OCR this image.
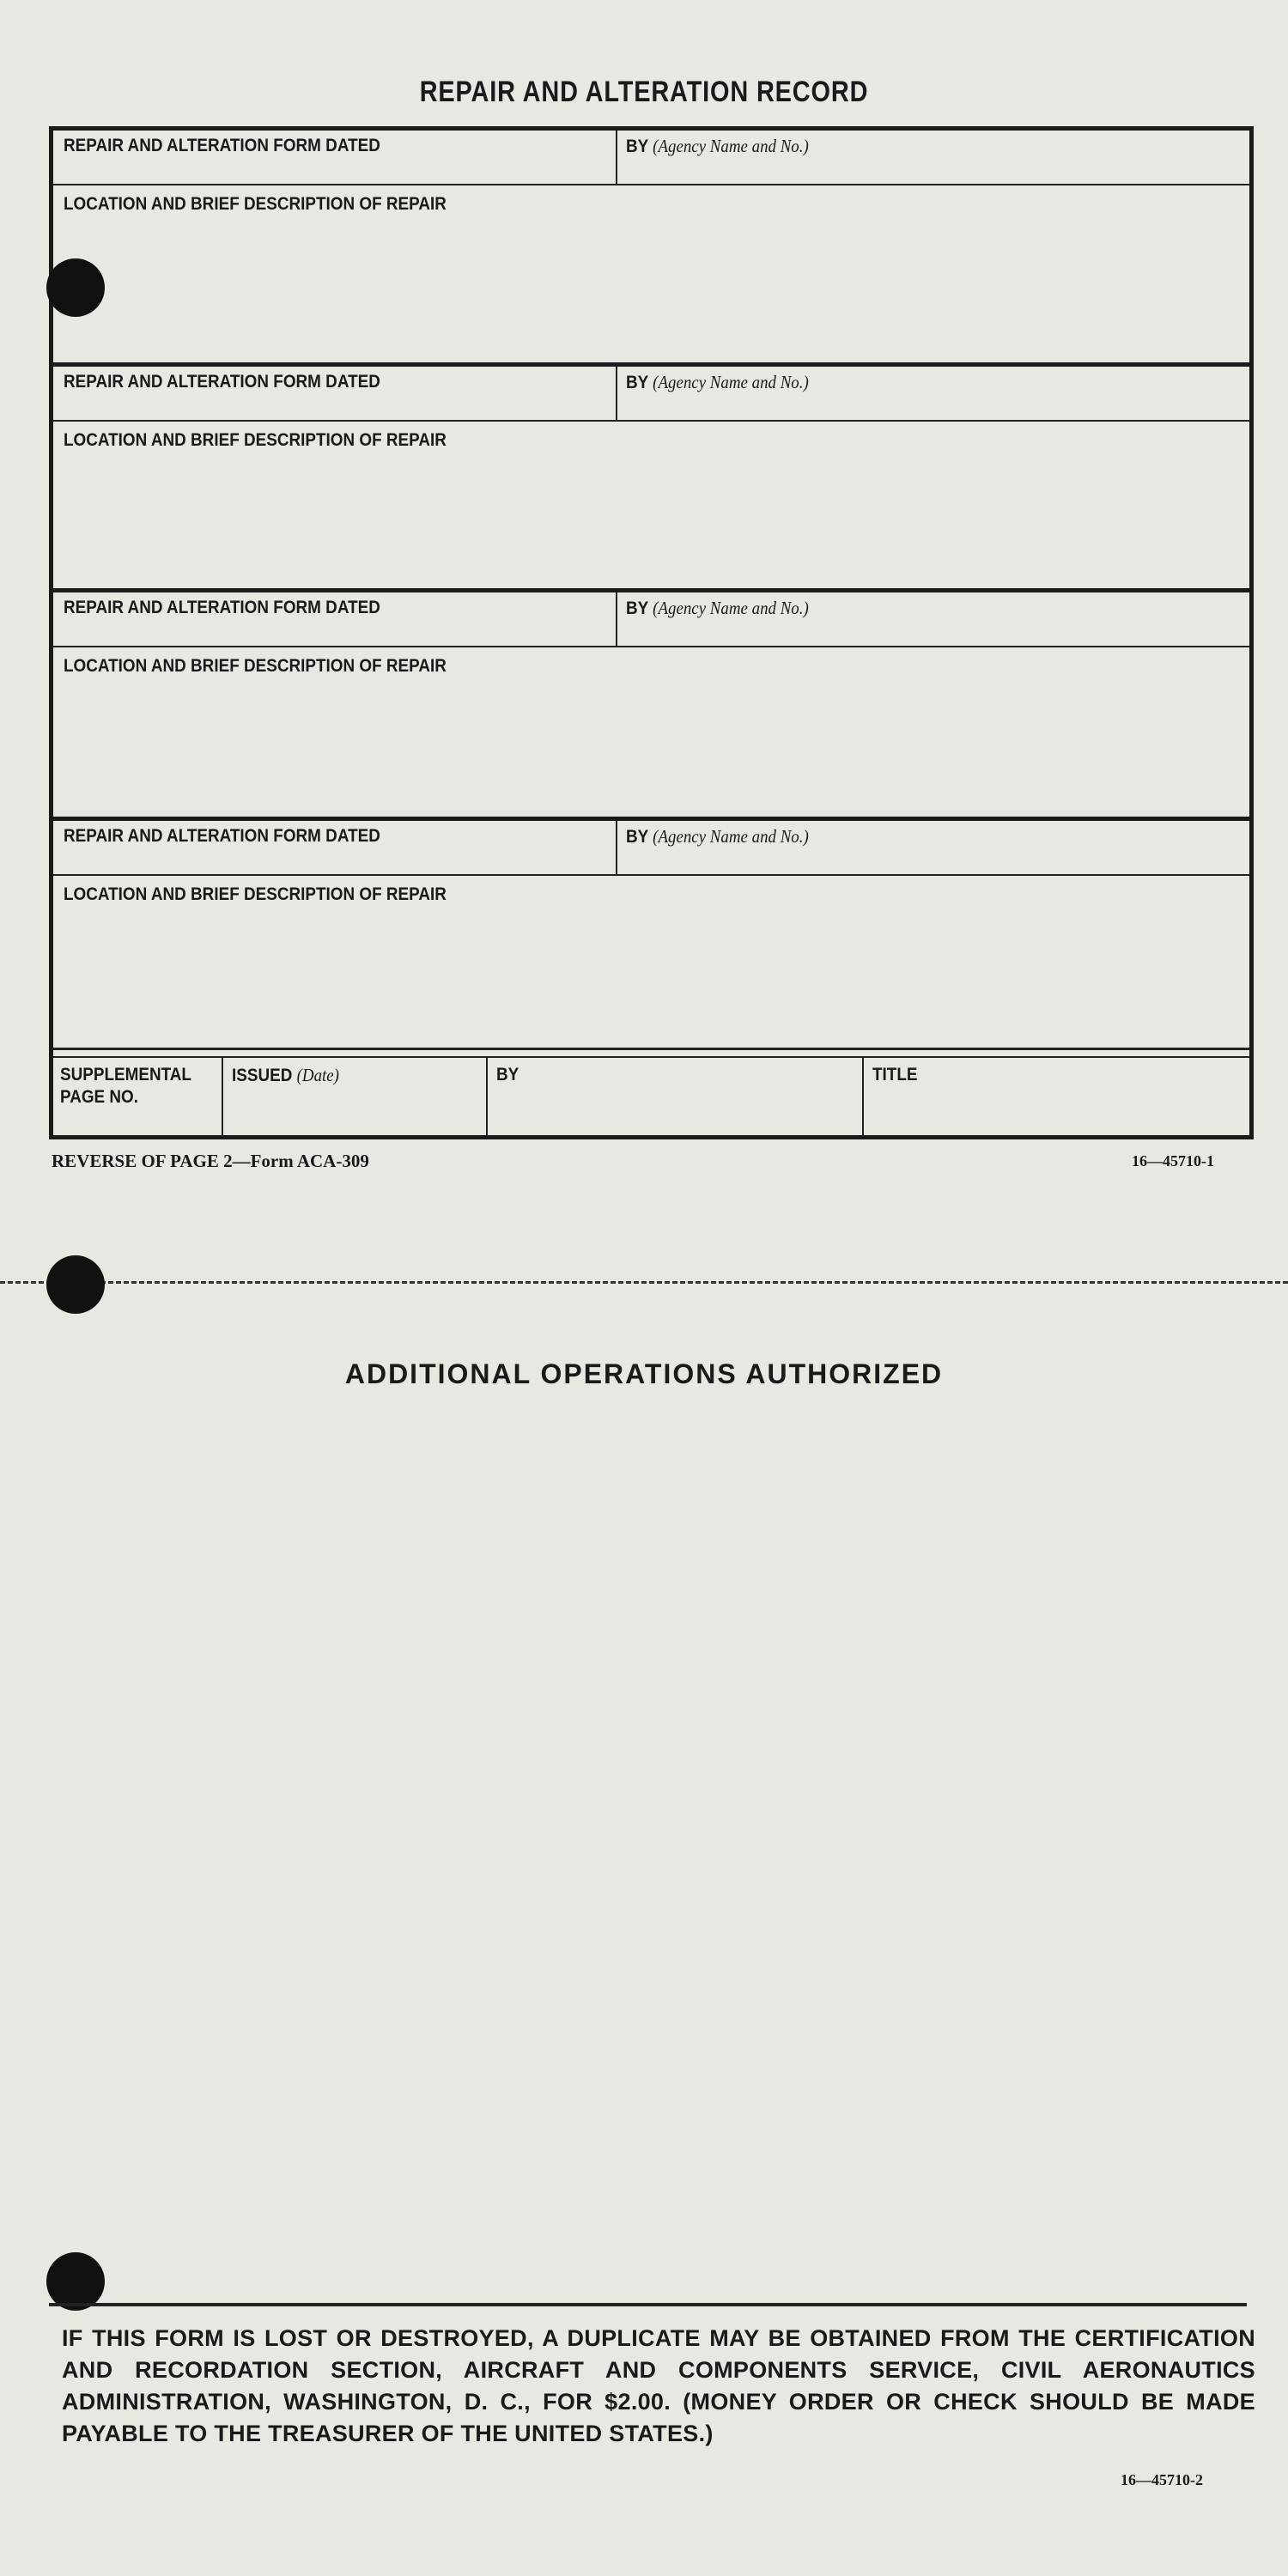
REPAIR AND ALTERATION RECORD
REPAIR AND ALTERATION FORM DATED	BY (Agency Name and No.)
LOCATION AND BRIEF DESCRIPTION OF REPAIR
REPAIR AND ALTERATION FORM DATED	BY (Agency Name and No.)
LOCATION AND BRIEF DESCRIPTION OF REPAIR
REPAIR AND ALTERATION FORM DATED	BY (Agency Name and No.)
LOCATION AND BRIEF DESCRIPTION OF REPAIR
REPAIR AND ALTERATION FORM DATED	BY (Agency Name and No.)
LOCATION AND BRIEF DESCRIPTION OF REPAIR
SUPPLEMENTAL
PAGE NO.
ISSUED (Date)	BY	TITLE
REVERSE OF PAGE 2—Form ACA-309	16—45710-1
ADDITIONAL OPERATIONS AUTHORIZED
IF THIS FORM IS LOST OR DESTROYED, A DUPLICATE MAY BE OBTAINED FROM THE CERTIFICATION AND RECORDATION SECTION, AIRCRAFT AND COMPONENTS SERVICE, CIVIL AERONAUTICS ADMINISTRATION, WASHINGTON, D. C., FOR $2.00. (MONEY ORDER OR CHECK SHOULD BE MADE PAYABLE TO THE TREASURER OF THE UNITED STATES.)
16—45710-2
